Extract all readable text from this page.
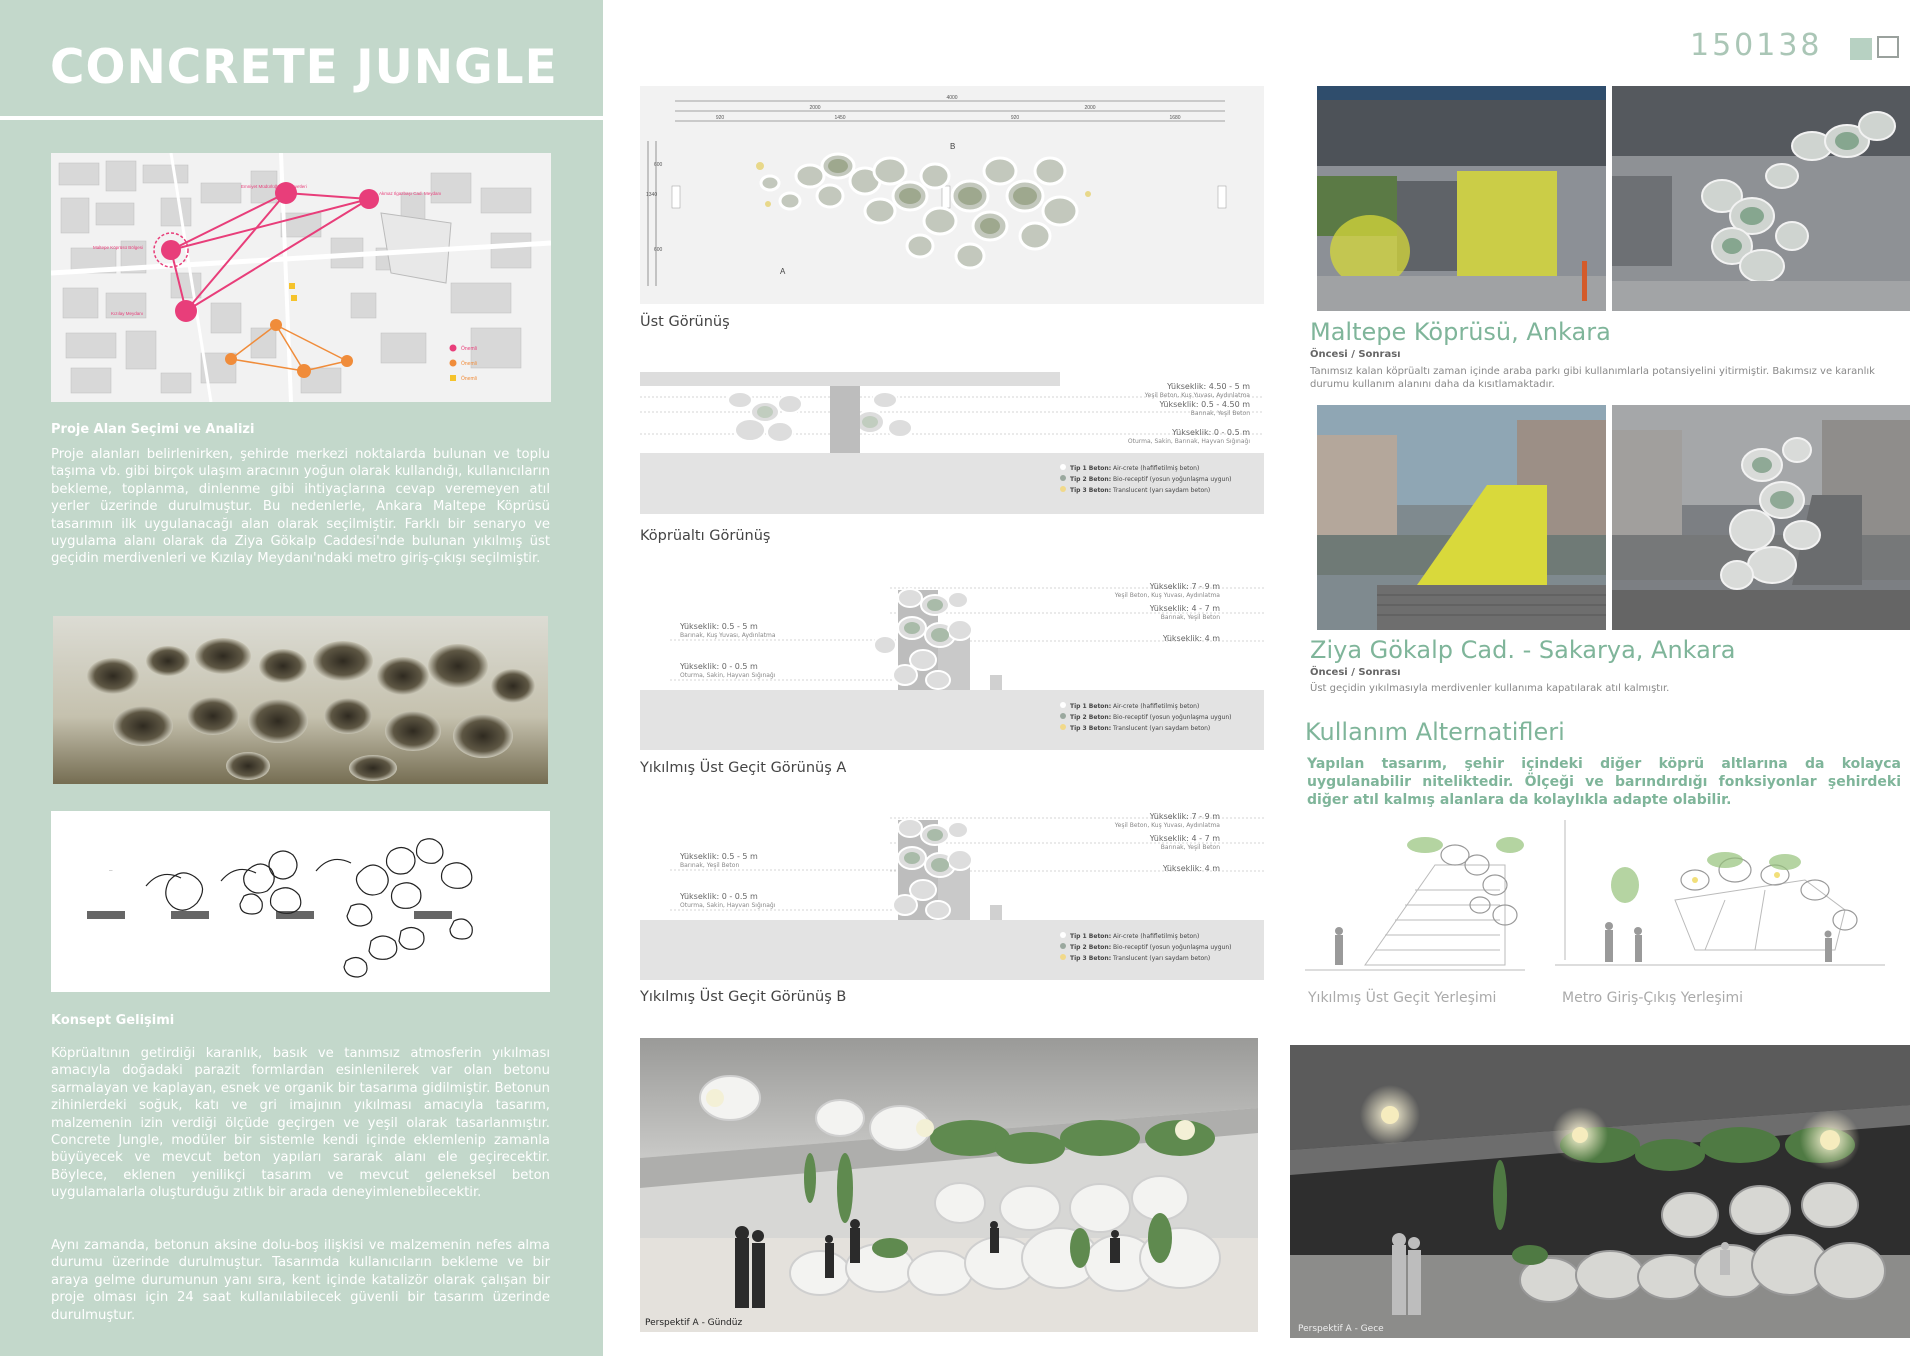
CONCRETE JUNGLE
Emniyet Müdürlüğü ve Kuvvetleri
Akmaz Ilgazbaşı Cad. Meydanı
Maltepe Köprüsü Bölgesi
Kızılay Meydanı
Önemli
Önemli
Önemli
Proje Alan Seçimi ve Analizi
Proje alanları belirlenirken, şehirde merkezi noktalarda bulunan ve toplu taşıma vb. gibi birçok ulaşım aracının yoğun olarak kullandığı, kullanıcıların bekleme, toplanma, dinlenme gibi ihtiyaçlarına cevap veremeyen atıl yerler üzerinde durulmuştur. Bu nedenlerle, Ankara Maltepe Köprüsü tasarımın ilk uygulanacağı alan olarak seçilmiştir. Farklı bir senaryo ve uygulama alanı olarak da Ziya Gökalp Caddesi'nde bulunan yıkılmış üst geçidin merdivenleri ve Kızılay Meydanı'ndaki metro giriş-çıkışı seçilmiştir.
—
Konsept Gelişimi
Köprüaltının getirdiği karanlık, basık ve tanımsız atmosferin yıkılması amacıyla doğadaki parazit formlardan esinlenilerek var olan betonu sarmalayan ve kaplayan, esnek ve organik bir tasarıma gidilmiştir. Betonun zihinlerdeki soğuk, katı ve gri imajının yıkılması amacıyla tasarım, malzemenin izin verdiği ölçüde geçirgen ve yeşil olarak tasarlanmıştır. Concrete Jungle, modüler bir sistemle kendi içinde eklemlenip zamanla büyüyecek ve mevcut beton yapıları sararak alanı ele geçirecektir. Böylece, eklenen yenilikçi tasarım ve mevcut geleneksel beton uygulamalarla oluşturduğu zıtlık bir arada deneyimlenebilecektir.
Aynı zamanda, betonun aksine dolu-boş ilişkisi ve malzemenin nefes alma durumu üzerinde durulmuştur. Tasarımda kullanıcıların bekleme ve bir araya gelme durumunun yanı sıra, kent içinde katalizör olarak çalışan bir proje olması için 24 saat kullanılabilecek güvenli bir tasarım üzerinde durulmuştur.
150138
4000
2000	2000
920	1450	920	1680
1340
600
600
B
A
Üst Görünüş
Yükseklik: 4.50 - 5 m
Yeşil Beton, Kuş Yuvası, Aydınlatma
Yükseklik: 0.5 - 4.50 m
Barınak, Yeşil Beton
Yükseklik: 0 - 0.5 m
Oturma, Sakin, Barınak, Hayvan Sığınağı
Tip 1 Beton: Air-crete (hafifletilmiş beton)
Tip 2 Beton: Bio-receptif (yosun yoğunlaşma uygun)
Tip 3 Beton: Translucent (yarı saydam beton)
Köprüaltı Görünüş
Yükseklik: 7 - 9 m
Yeşil Beton, Kuş Yuvası, Aydınlatma
Yükseklik: 4 - 7 m
Barınak, Yeşil Beton
Yükseklik: 4 m
Yükseklik: 0.5 - 5 m
Barınak, Kuş Yuvası, Aydınlatma
Yükseklik: 0 - 0.5 m
Oturma, Sakin, Hayvan Sığınağı
Tip 1 Beton: Air-crete (hafifletilmiş beton)
Tip 2 Beton: Bio-receptif (yosun yoğunlaşma uygun)
Tip 3 Beton: Translucent (yarı saydam beton)
Yıkılmış Üst Geçit Görünüş A
Yükseklik: 7 - 9 m
Yeşil Beton, Kuş Yuvası, Aydınlatma
Yükseklik: 4 - 7 m
Barınak, Yeşil Beton
Yükseklik: 4 m
Yükseklik: 0.5 - 5 m
Barınak, Yeşil Beton
Yükseklik: 0 - 0.5 m
Oturma, Sakin, Hayvan Sığınağı
Tip 1 Beton: Air-crete (hafifletilmiş beton)
Tip 2 Beton: Bio-receptif (yosun yoğunlaşma uygun)
Tip 3 Beton: Translucent (yarı saydam beton)
Yıkılmış Üst Geçit Görünüş B
Perspektif A - Gündüz
Perspektif A - Gece
Maltepe Köprüsü, Ankara
Öncesi / Sonrası
Tanımsız kalan köprüaltı zaman içinde araba parkı gibi kullanımlarla potansiyelini yitirmiştir. Bakımsız ve karanlık durumu kullanım alanını daha da kısıtlamaktadır.
Ziya Gökalp Cad. - Sakarya, Ankara
Öncesi / Sonrası
Üst geçidin yıkılmasıyla merdivenler kullanıma kapatılarak atıl kalmıştır.
Kullanım Alternatifleri
Yapılan tasarım, şehir içindeki diğer köprü altlarına da kolayca uygulanabilir niteliktedir. Ölçeği ve barındırdığı fonksiyonlar şehirdeki diğer atıl kalmış alanlara da kolaylıkla adapte olabilir.
Yıkılmış Üst Geçit Yerleşimi	Metro Giriş-Çıkış Yerleşimi
